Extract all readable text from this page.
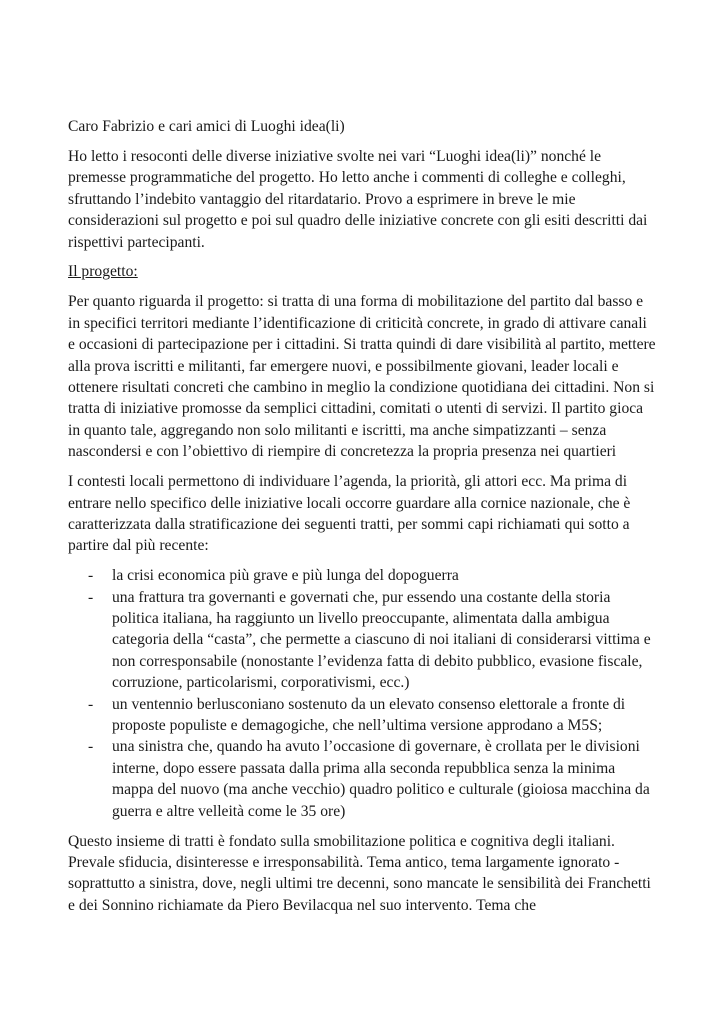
Caro Fabrizio e cari amici di Luoghi idea(li)

Ho letto i resoconti delle diverse iniziative svolte nei vari “Luoghi idea(li)” nonché le premesse programmatiche del progetto. Ho letto anche i commenti di colleghe e colleghi, sfruttando l’indebito vantaggio del ritardatario. Provo a esprimere in breve le mie considerazioni sul progetto e poi sul quadro delle iniziative concrete con gli esiti descritti dai rispettivi partecipanti.

Il progetto:

Per quanto riguarda il progetto: si tratta di una forma di mobilitazione del partito dal basso e in specifici territori mediante l’identificazione di criticità concrete, in grado di attivare canali e occasioni di partecipazione per i cittadini. Si tratta quindi di dare visibilità al partito, mettere alla prova iscritti e militanti, far emergere nuovi, e possibilmente giovani, leader locali e ottenere risultati concreti che cambino in meglio la condizione quotidiana dei cittadini. Non si tratta di iniziative promosse da semplici cittadini, comitati o utenti di servizi. Il partito gioca in quanto tale, aggregando non solo militanti e iscritti, ma anche simpatizzanti – senza nascondersi e con l’obiettivo di riempire di concretezza la propria presenza nei quartieri

I contesti locali permettono di individuare l’agenda, la priorità, gli attori ecc. Ma prima di entrare nello specifico delle iniziative locali occorre guardare alla cornice nazionale, che è caratterizzata dalla stratificazione dei seguenti tratti, per sommi capi richiamati qui sotto a partire dal più recente:

- la crisi economica più grave e più lunga del dopoguerra
- una frattura tra governanti e governati che, pur essendo una costante della storia politica italiana, ha raggiunto un livello preoccupante, alimentata dalla ambigua categoria della “casta”, che permette a ciascuno di noi italiani di considerarsi vittima e non corresponsabile (nonostante l’evidenza fatta di debito pubblico, evasione fiscale, corruzione, particolarismi, corporativismi, ecc.)
- un ventennio berlusconiano sostenuto da un elevato consenso elettorale a fronte di proposte populiste e demagogiche, che nell’ultima versione approdano a M5S;
- una sinistra che, quando ha avuto l’occasione di governare, è crollata per le divisioni interne, dopo essere passata dalla prima alla seconda repubblica senza la minima mappa del nuovo (ma anche vecchio) quadro politico e culturale (gioiosa macchina da guerra e altre velleità come le 35 ore)

Questo insieme di tratti è fondato sulla smobilitazione politica e cognitiva degli italiani. Prevale sfiducia, disinteresse e irresponsabilità. Tema antico, tema largamente ignorato - soprattutto a sinistra, dove, negli ultimi tre decenni, sono mancate le sensibilità dei Franchetti e dei Sonnino richiamate da Piero Bevilacqua nel suo intervento. Tema che
